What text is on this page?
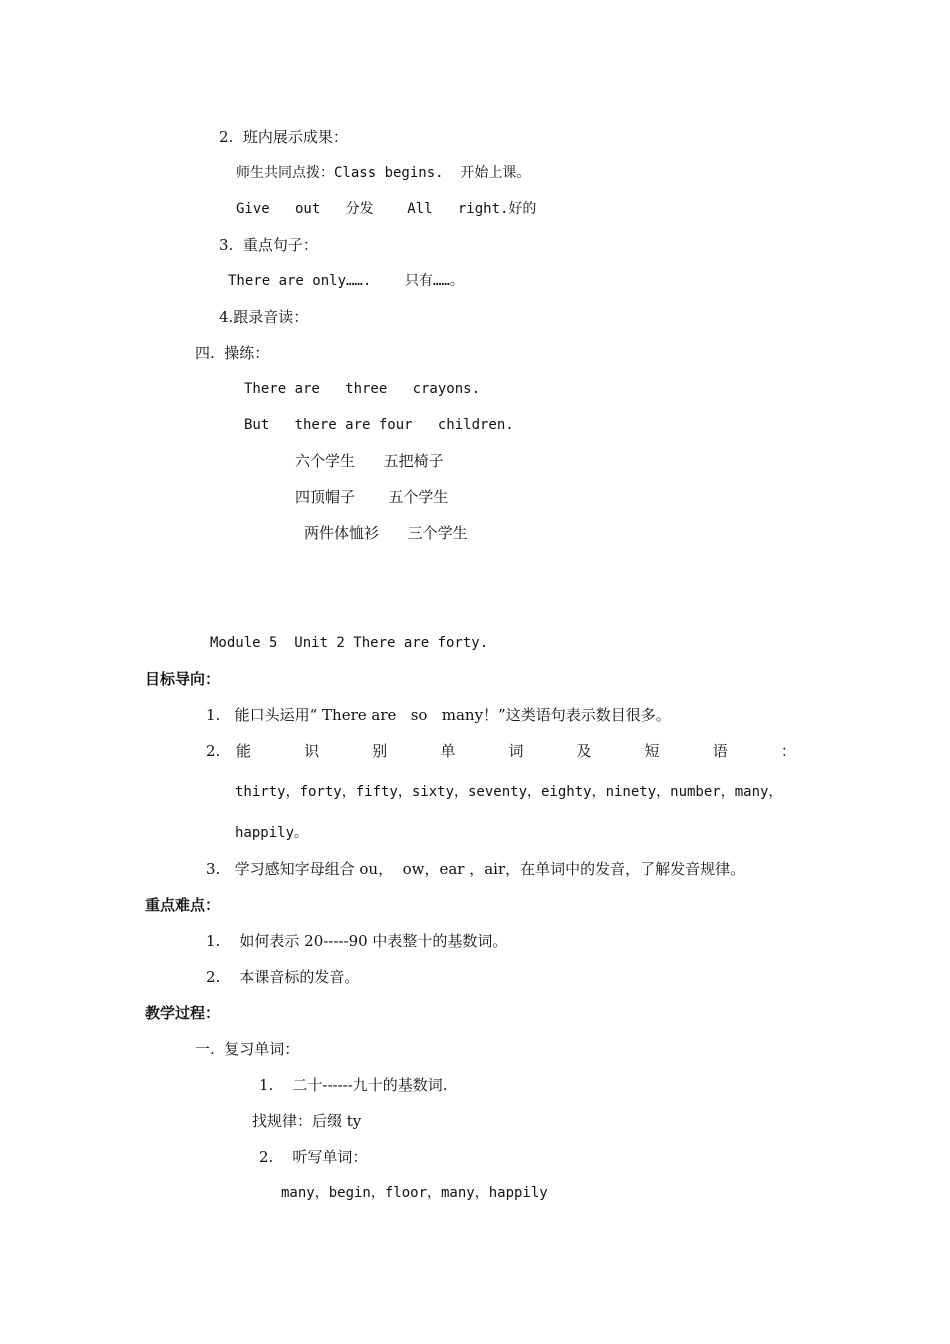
2.  班内展示成果：
师生共同点拨：Class begins.  开始上课。
Give   out   分发    All   right.好的
3.  重点句子：
There are only…….    只有……。
4.跟录音读：
四.  操练：
There are   three   crayons.
But   there are four   children.
六个学生      五把椅子
四顶帽子       五个学生
两件体恤衫      三个学生
Module 5  Unit 2 There are forty.
目标导向：
1.   能口头运用“ There are   so   many！”这类语句表示数目很多。
2. 能	识	别	单	词	及	短	语	：
thirty，forty，fifty，sixty，seventy，eighty，ninety，number，many，
happily。
3.   学习感知字母组合 ou，  ow，ear ，air，在单词中的发音，了解发音规律。
重点难点：
1.    如何表示 20-----90 中表整十的基数词。
2.    本课音标的发音。
教学过程：
一.  复习单词：
1.    二十------九十的基数词.
找规律：后缀 ty
2.    听写单词：
many，begin，floor，many，happily
